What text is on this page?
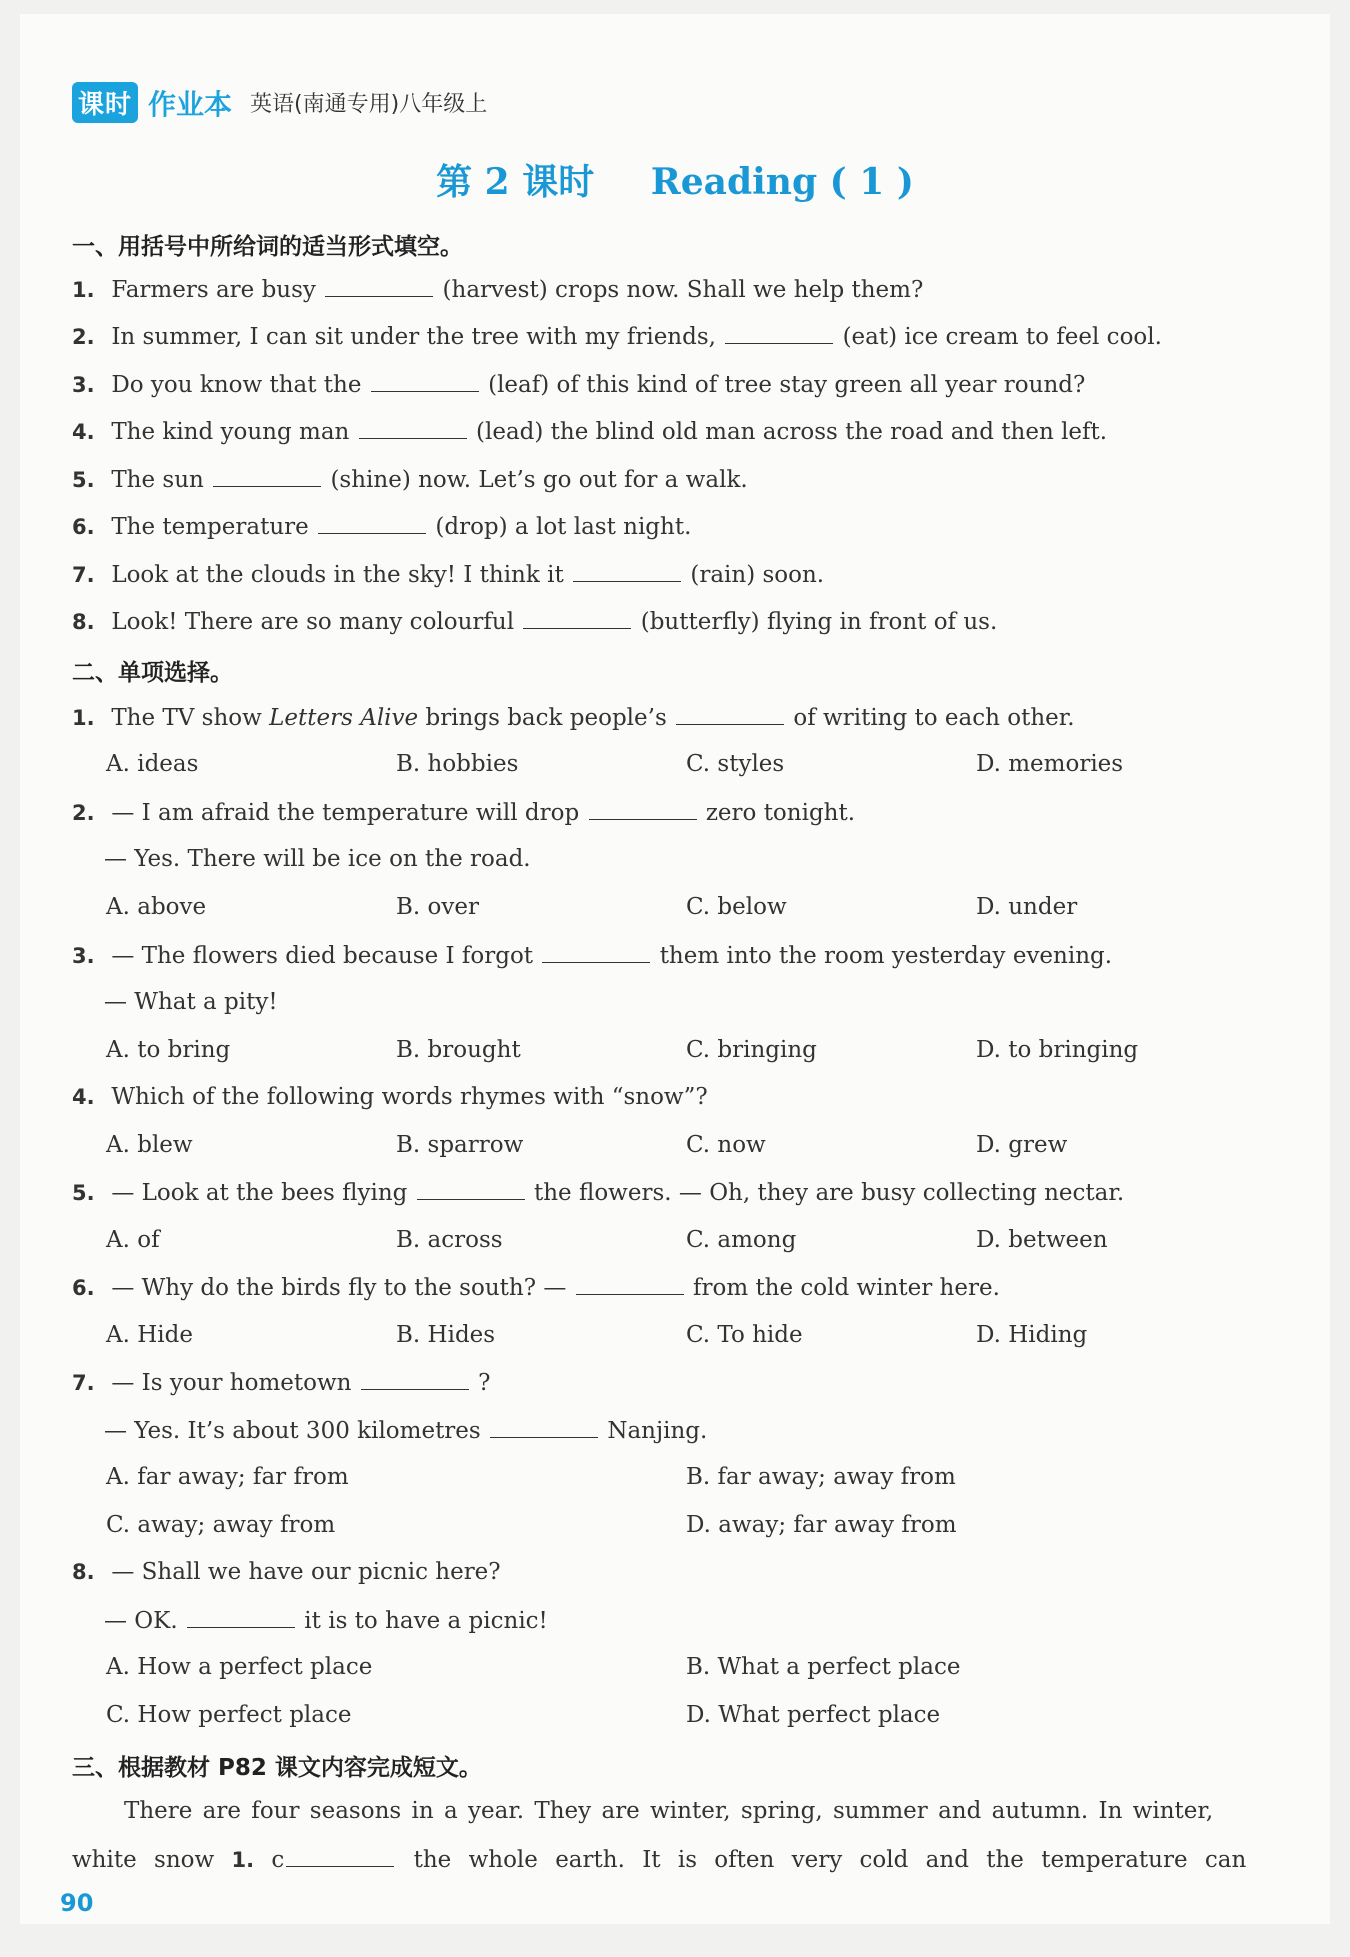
课时 作业本 英语(南通专用)八年级上
第 2 课时 Reading ( 1 )
一、用括号中所给词的适当形式填空。
1. Farmers are busy	(harvest) crops now. Shall we help them?
2. In summer, I can sit under the tree with my friends,	(eat) ice cream to feel cool.
3. Do you know that the	(leaf) of this kind of tree stay green all year round?
4. The kind young man	(lead) the blind old man across the road and then left.
5. The sun	(shine) now. Let’s go out for a walk.
6. The temperature	(drop) a lot last night.
7. Look at the clouds in the sky! I think it	(rain) soon.
8. Look! There are so many colourful	(butterfly) flying in front of us.
二、单项选择。
1. The TV show Letters Alive brings back people’s	of writing to each other.
A. ideas	B. hobbies	C. styles	D. memories
2. — I am afraid the temperature will drop	zero tonight.
— Yes. There will be ice on the road.
A. above	B. over	C. below	D. under
3. — The flowers died because I forgot	them into the room yesterday evening.
— What a pity!
A. to bring	B. brought	C. bringing	D. to bringing
4. Which of the following words rhymes with “snow”?
A. blew	B. sparrow	C. now	D. grew
5. — Look at the bees flying	the flowers. — Oh, they are busy collecting nectar.
A. of	B. across	C. among	D. between
6. — Why do the birds fly to the south? —	from the cold winter here.
A. Hide	B. Hides	C. To hide	D. Hiding
7. — Is your hometown	?
— Yes. It’s about 300 kilometres	Nanjing.
A. far away; far from	B. far away; away from
C. away; away from	D. away; far away from
8. — Shall we have our picnic here?
— OK.	it is to have a picnic!
A. How a perfect place	B. What a perfect place
C. How perfect place	D. What perfect place
三、根据教材 P82 课文内容完成短文。
There are four seasons in a year. They are winter, spring, summer and autumn. In winter,
white snow 1. c	the whole earth. It is often very cold and the temperature can
90
